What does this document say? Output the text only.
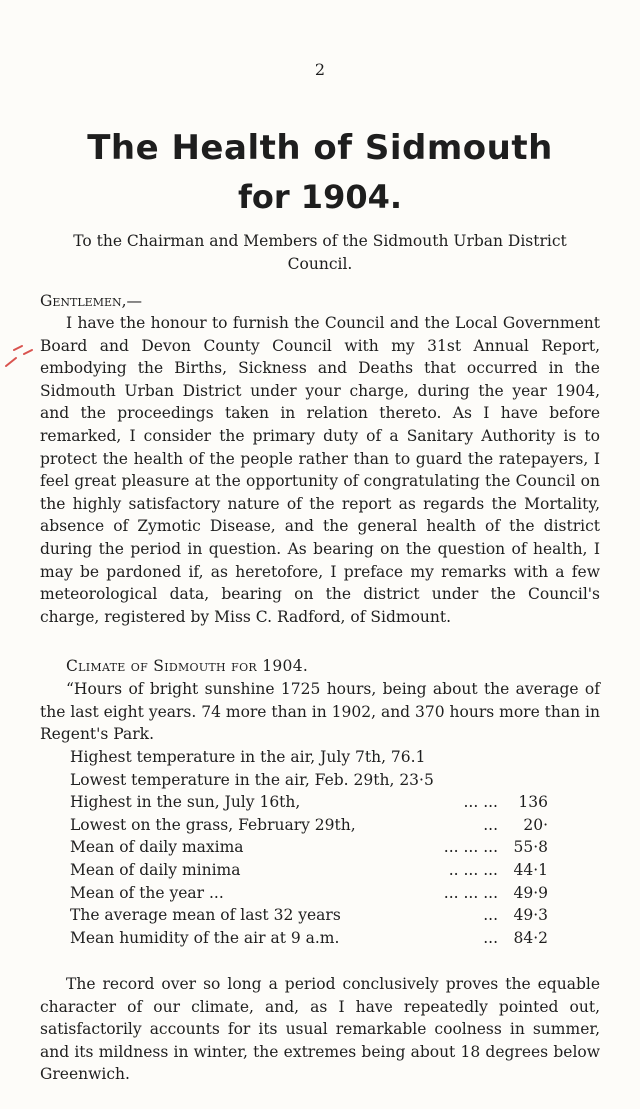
2
The Health of Sidmouth
for 1904.
To the Chairman and Members of the Sidmouth Urban District Council.
Gentlemen,—
I have the honour to furnish the Council and the Local Government Board and Devon County Council with my 31st Annual Report, embodying the Births, Sickness and Deaths that occurred in the Sidmouth Urban District under your charge, during the year 1904, and the proceedings taken in relation thereto. As I have before remarked, I consider the primary duty of a Sanitary Authority is to protect the health of the people rather than to guard the ratepayers, I feel great pleasure at the opportunity of congratulating the Council on the highly satisfactory nature of the report as regards the Mortality, absence of Zymotic Disease, and the general health of the district during the period in question. As bearing on the question of health, I may be pardoned if, as heretofore, I preface my remarks with a few meteorological data, bearing on the district under the Council's charge, registered by Miss C. Radford, of Sidmount.
Climate of Sidmouth for 1904.
“Hours of bright sunshine 1725 hours, being about the average of the last eight years. 74 more than in 1902, and 370 hours more than in Regent's Park.
Highest temperature in the air, July 7th, 76.1
Lowest temperature in the air, Feb. 29th, 23·5
Highest in the sun, July 16th,	... ...	136
Lowest on the grass, February 29th,	...	20·
Mean of daily maxima	... ... ... 55·8
Mean of daily minima	.. ... ... 44·1
Mean of the year ...	... ... ... 49·9
The average mean of last 32 years	... 49·3
Mean humidity of the air at 9 a.m.	... 84·2
The record over so long a period conclusively proves the equable character of our climate, and, as I have repeatedly pointed out, satisfactorily accounts for its usual remarkable coolness in summer, and its mildness in winter, the extremes being about 18 degrees below Greenwich.
